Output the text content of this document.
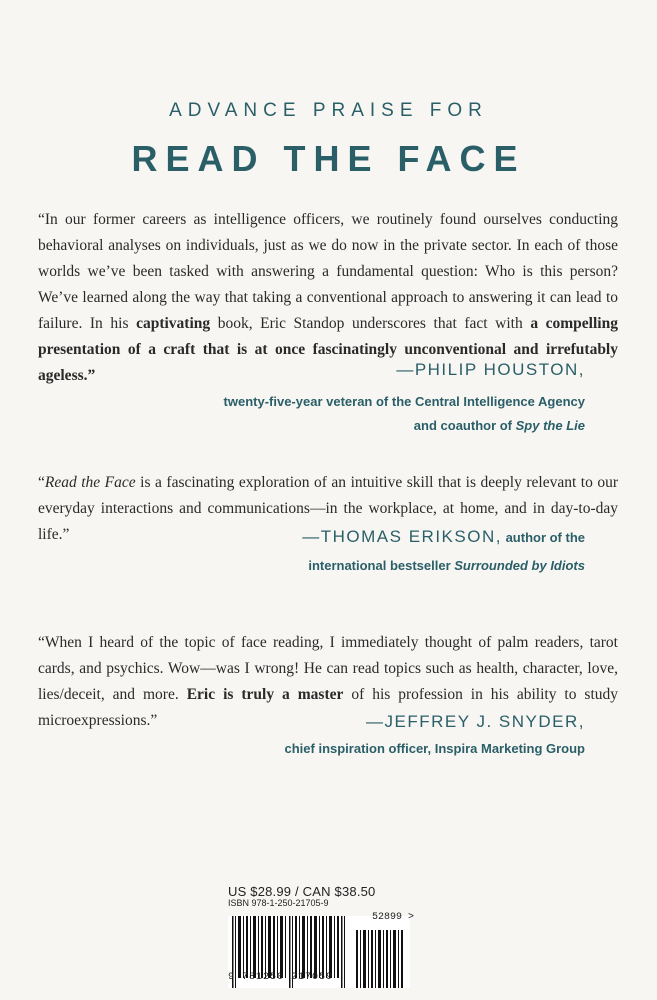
ADVANCE PRAISE FOR
READ THE FACE
“In our former careers as intelligence officers, we routinely found ourselves conducting behavioral analyses on individuals, just as we do now in the private sector. In each of those worlds we’ve been tasked with answering a fundamental question: Who is this person? We’ve learned along the way that taking a conventional approach to answering it can lead to failure. In his captivating book, Eric Standop underscores that fact with a compelling presentation of a craft that is at once fascinatingly unconventional and irrefutably ageless.”	—PHILIP HOUSTON,
twenty-five-year veteran of the Central Intelligence Agency
and coauthor of Spy the Lie
“Read the Face is a fascinating exploration of an intuitive skill that is deeply relevant to our everyday interactions and communications—in the workplace, at home, and in day-to-day life.”	—THOMAS ERIKSON, author of the
international bestseller Surrounded by Idiots
“When I heard of the topic of face reading, I immediately thought of palm readers, tarot cards, and psychics. Wow—was I wrong! He can read topics such as health, character, love, lies/deceit, and more. Eric is truly a master of his profession in his ability to study microexpressions.”	—JEFFREY J. SNYDER,
chief inspiration officer, Inspira Marketing Group
US $28.99 / CAN $38.50
ISBN 978-1-250-21705-9
52899 >
9 781250 217059
